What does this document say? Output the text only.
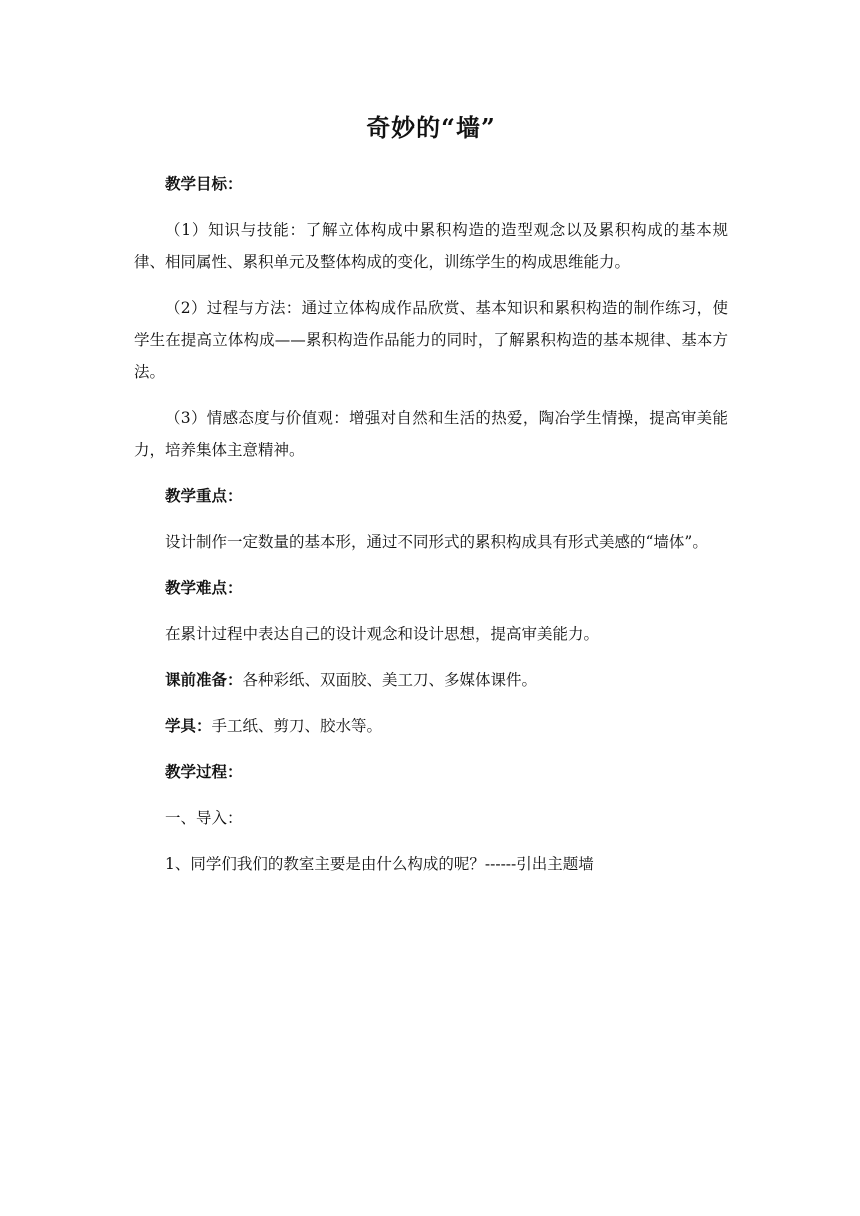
奇妙的“墙”
教学目标：
（1）知识与技能：了解立体构成中累积构造的造型观念以及累积构成的基本规律、相同属性、累积单元及整体构成的变化，训练学生的构成思维能力。
（2）过程与方法：通过立体构成作品欣赏、基本知识和累积构造的制作练习，使学生在提高立体构成——累积构造作品能力的同时，了解累积构造的基本规律、基本方法。
（3）情感态度与价值观：增强对自然和生活的热爱，陶冶学生情操，提高审美能力，培养集体主意精神。
教学重点：
设计制作一定数量的基本形，通过不同形式的累积构成具有形式美感的“墙体”。
教学难点：
在累计过程中表达自己的设计观念和设计思想，提高审美能力。
课前准备：各种彩纸、双面胶、美工刀、多媒体课件。
学具：手工纸、剪刀、胶水等。
教学过程：
一、导入：
1、同学们我们的教室主要是由什么构成的呢？------引出主题墙
